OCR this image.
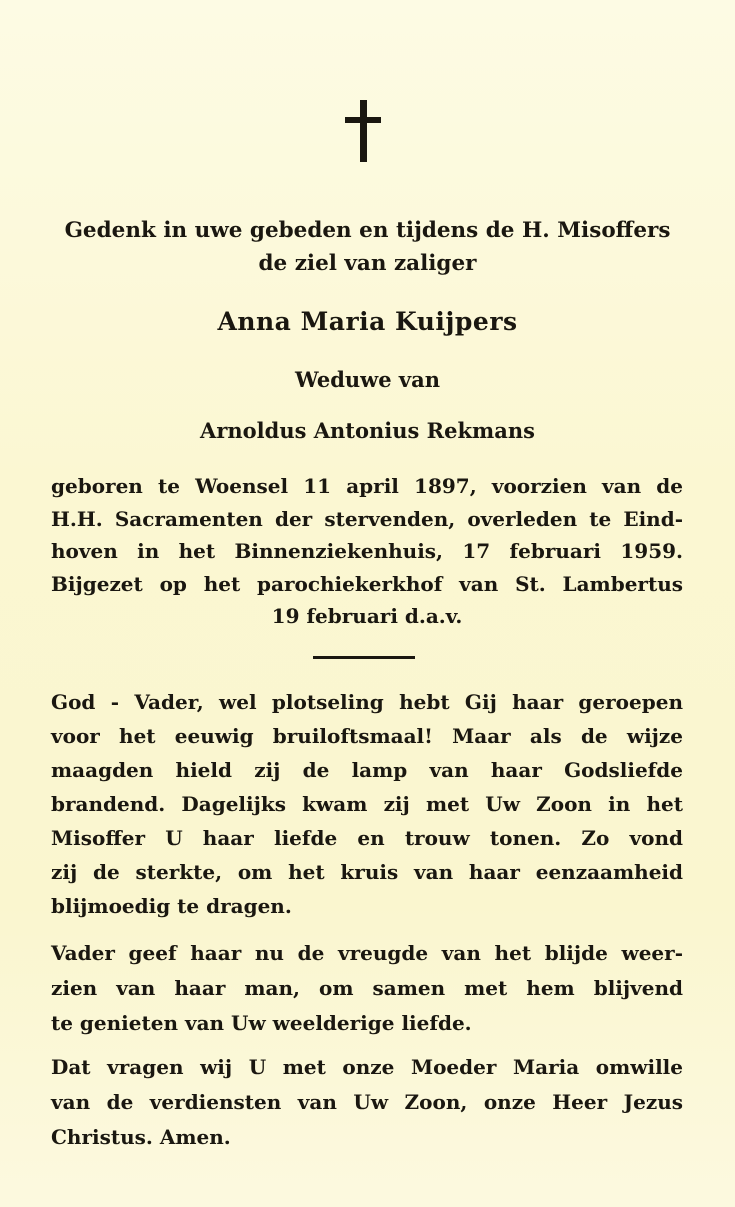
Gedenk in uwe gebeden en tijdens de H. Misoffers
de ziel van zaliger
Anna Maria Kuijpers
Weduwe van
Arnoldus Antonius Rekmans
geboren te Woensel 11 april 1897, voorzien van de
H.H. Sacramenten der stervenden, overleden te Eind-
hoven in het Binnenziekenhuis, 17 februari 1959.
Bijgezet op het parochiekerkhof van St. Lambertus
19 februari d.a.v.
God - Vader, wel plotseling hebt Gij haar geroepen
voor het eeuwig bruiloftsmaal! Maar als de wijze
maagden hield zij de lamp van haar Godsliefde
brandend. Dagelijks kwam zij met Uw Zoon in het
Misoffer U haar liefde en trouw tonen. Zo vond
zij de sterkte, om het kruis van haar eenzaamheid
blijmoedig te dragen.
Vader geef haar nu de vreugde van het blijde weer-
zien van haar man, om samen met hem blijvend
te genieten van Uw weelderige liefde.
Dat vragen wij U met onze Moeder Maria omwille
van de verdiensten van Uw Zoon, onze Heer Jezus
Christus. Amen.
